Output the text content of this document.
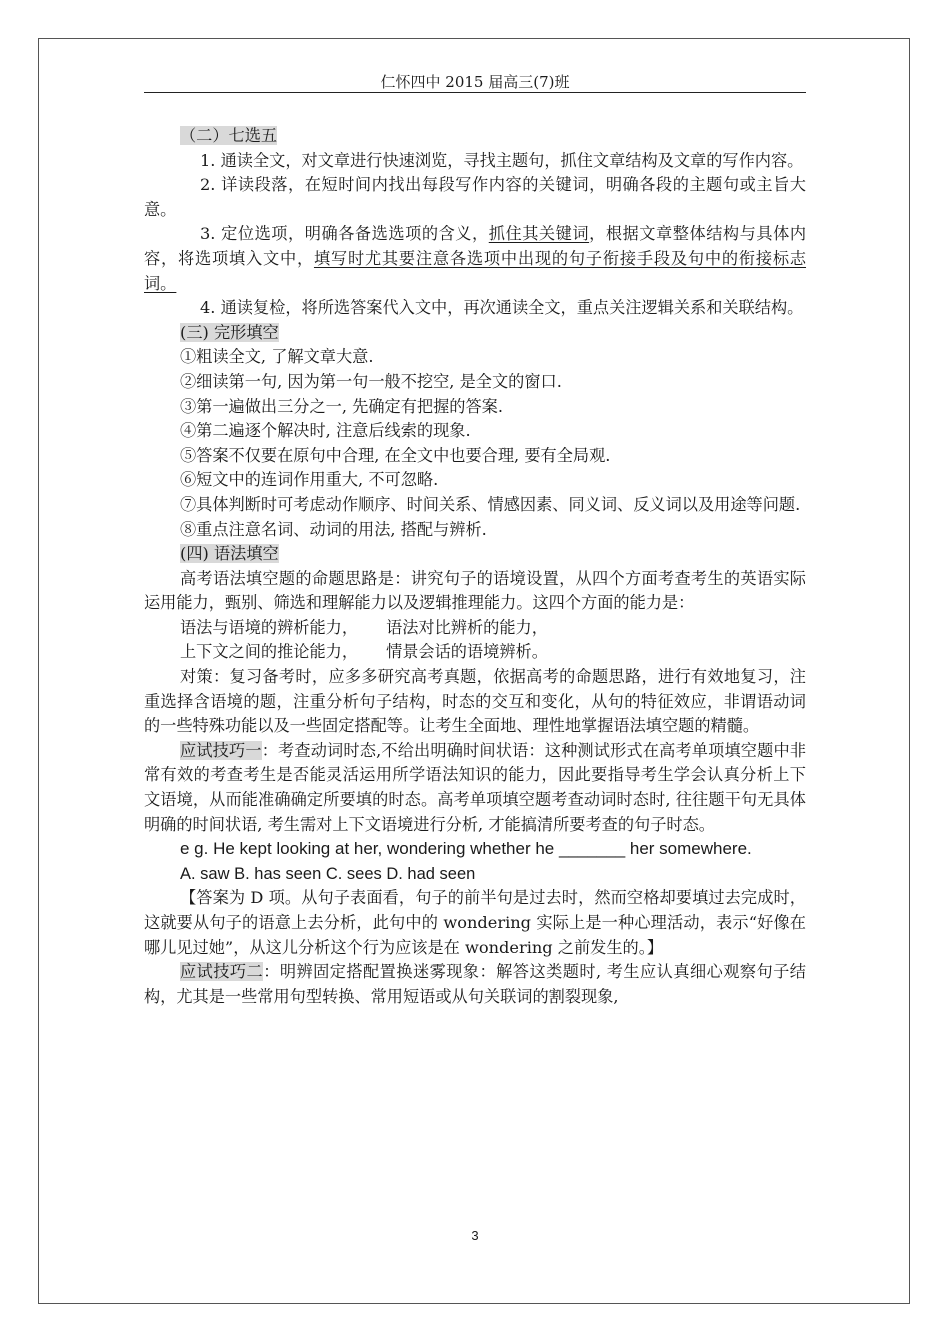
仁怀四中 2015 届高三(7)班

（二）七选五

1. 通读全文，对文章进行快速浏览，寻找主题句，抓住文章结构及文章的写作内容。

2. 详读段落，在短时间内找出每段写作内容的关键词，明确各段的主题句或主旨大意。

3. 定位选项，明确各备选选项的含义，抓住其关键词，根据文章整体结构与具体内容，将选项填入文中，填写时尤其要注意各选项中出现的句子衔接手段及句中的衔接标志词。

4. 通读复检，将所选答案代入文中，再次通读全文，重点关注逻辑关系和关联结构。

(三) 完形填空

①粗读全文, 了解文章大意.

②细读第一句, 因为第一句一般不挖空, 是全文的窗口.

③第一遍做出三分之一, 先确定有把握的答案.

④第二遍逐个解决时, 注意后线索的现象.

⑤答案不仅要在原句中合理, 在全文中也要合理, 要有全局观.

⑥短文中的连词作用重大, 不可忽略.

⑦具体判断时可考虑动作顺序、时间关系、情感因素、同义词、反义词以及用途等问题.

⑧重点注意名词、动词的用法, 搭配与辨析.

(四) 语法填空

高考语法填空题的命题思路是：讲究句子的语境设置，从四个方面考查考生的英语实际运用能力，甄别、筛选和理解能力以及逻辑推理能力。这四个方面的能力是：

语法与语境的辨析能力， 语法对比辨析的能力，

上下文之间的推论能力， 情景会话的语境辨析。

对策：复习备考时，应多多研究高考真题，依据高考的命题思路，进行有效地复习，注重选择含语境的题，注重分析句子结构，时态的交互和变化，从句的特征效应，非谓语动词的一些特殊功能以及一些固定搭配等。让考生全面地、理性地掌握语法填空题的精髓。

应试技巧一：考查动词时态,不给出明确时间状语：这种测试形式在高考单项填空题中非常有效的考查考生是否能灵活运用所学语法知识的能力，因此要指导考生学会认真分析上下文语境，从而能准确确定所要填的时态。高考单项填空题考查动词时态时, 往往题干句无具体明确的时间状语, 考生需对上下文语境进行分析, 才能搞清所要考查的句子时态。

e g. He kept looking at her, wondering whether he _______ her somewhere.

A. saw B. has seen C. sees D. had seen

【答案为 D 项。从句子表面看，句子的前半句是过去时，然而空格却要填过去完成时，这就要从句子的语意上去分析，此句中的 wondering 实际上是一种心理活动，表示“好像在哪儿见过她”，从这儿分析这个行为应该是在 wondering 之前发生的。】

应试技巧二：明辨固定搭配置换迷雾现象：解答这类题时, 考生应认真细心观察句子结构，尤其是一些常用句型转换、常用短语或从句关联词的割裂现象,

3
